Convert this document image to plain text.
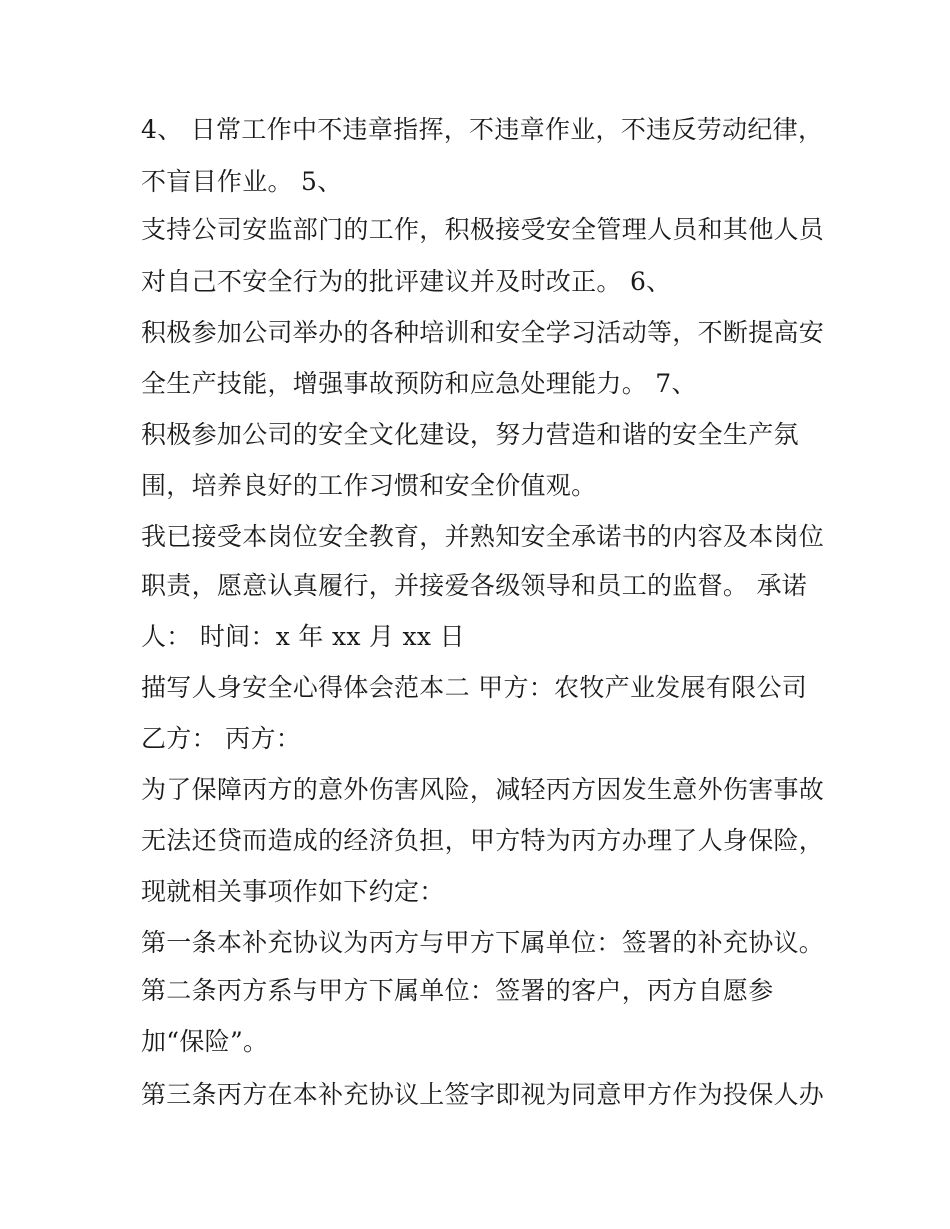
4、 日常工作中不违章指挥，不违章作业，不违反劳动纪律，
不盲目作业。 5、
支持公司安监部门的工作，积极接受安全管理人员和其他人员
对自己不安全行为的批评建议并及时改正。 6、
积极参加公司举办的各种培训和安全学习活动等，不断提高安
全生产技能，增强事故预防和应急处理能力。 7、
积极参加公司的安全文化建设，努力营造和谐的安全生产氛
围，培养良好的工作习惯和安全价值观。
我已接受本岗位安全教育，并熟知安全承诺书的内容及本岗位
职责，愿意认真履行，并接爱各级领导和员工的监督。 承诺
人： 时间：x 年 xx 月 xx 日
描写人身安全心得体会范本二 甲方：农牧产业发展有限公司
乙方： 丙方：
为了保障丙方的意外伤害风险，减轻丙方因发生意外伤害事故
无法还贷而造成的经济负担，甲方特为丙方办理了人身保险，
现就相关事项作如下约定：
第一条本补充协议为丙方与甲方下属单位：签署的补充协议。
第二条丙方系与甲方下属单位：签署的客户，丙方自愿参
加“保险”。
第三条丙方在本补充协议上签字即视为同意甲方作为投保人办
